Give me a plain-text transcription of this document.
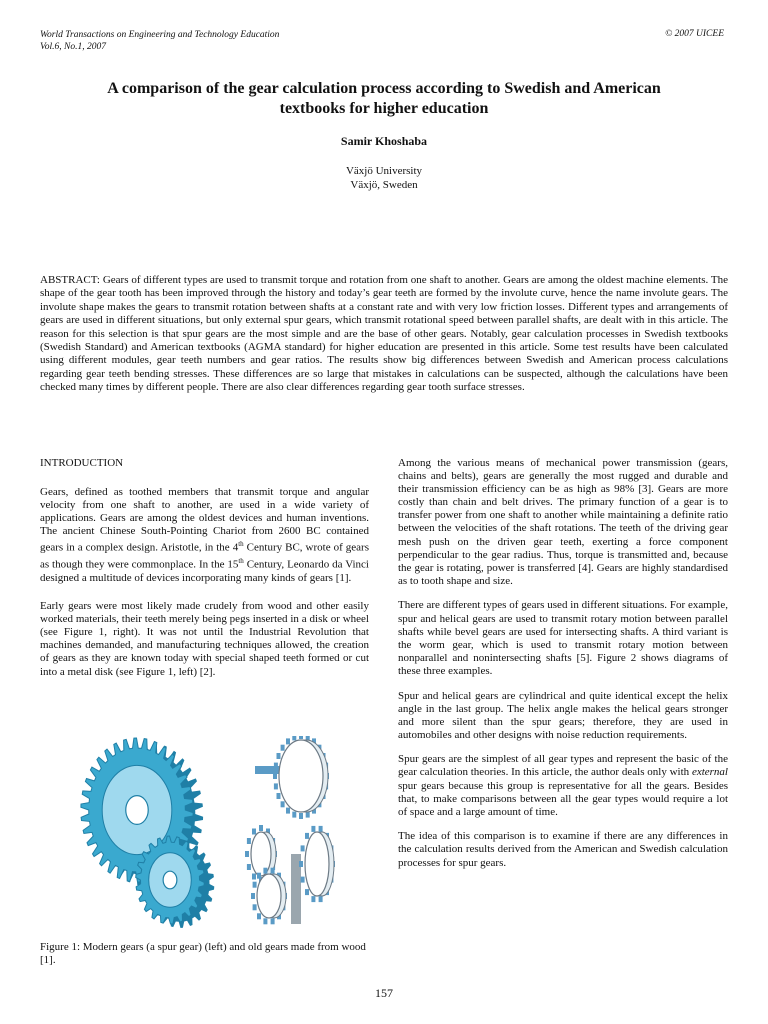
World Transactions on Engineering and Technology Education
Vol.6, No.1, 2007
© 2007 UICEE
A comparison of the gear calculation process according to Swedish and American
textbooks for higher education
Samir Khoshaba
Växjö University
Växjö, Sweden

ABSTRACT: Gears of different types are used to transmit torque and rotation from one shaft to another. Gears are among the oldest machine elements. The shape of the gear tooth has been improved through the history and today’s gear teeth are formed by the involute curve, hence the name involute gears. The involute shape makes the gears to transmit rotation between shafts at a constant rate and with very low friction losses. Different types and arrangements of gears are used in different situations, but only external spur gears, which transmit rotational speed between parallel shafts, are dealt with in this article. The reason for this selection is that spur gears are the most simple and are the base of other gears. Notably, gear calculation processes in Swedish textbooks (Swedish Standard) and American textbooks (AGMA standard) for higher education are presented in this article. Some test results have been calculated using different modules, gear teeth numbers and gear ratios. The results show big differences between Swedish and American process calculations regarding gear teeth bending stresses. These differences are so large that mistakes in calculations can be suspected, although the calculations have been checked many times by different people. There are also clear differences regarding gear tooth surface stresses.

INTRODUCTION

Gears, defined as toothed members that transmit torque and angular velocity from one shaft to another, are used in a wide variety of applications. Gears are among the oldest devices and human inventions. The ancient Chinese South-Pointing Chariot from 2600 BC contained gears in a complex design. Aristotle, in the 4th Century BC, wrote of gears as though they were commonplace. In the 15th Century, Leonardo da Vinci designed a multitude of devices incorporating many kinds of gears [1].

Early gears were most likely made crudely from wood and other easily worked materials, their teeth merely being pegs inserted in a disk or wheel (see Figure 1, right). It was not until the Industrial Revolution that machines demanded, and manufacturing techniques allowed, the creation of gears as they are known today with special shaped teeth formed or cut into a metal disk (see Figure 1, left) [2].

Figure 1: Modern gears (a spur gear) (left) and old gears made from wood [1].

Among the various means of mechanical power transmission (gears, chains and belts), gears are generally the most rugged and durable and their transmission efficiency can be as high as 98% [3]. Gears are more costly than chain and belt drives. The primary function of a gear is to transfer power from one shaft to another while maintaining a definite ratio between the velocities of the shaft rotations. The teeth of the driving gear mesh push on the driven gear teeth, exerting a force component perpendicular to the gear radius. Thus, torque is transmitted and, because the gear is rotating, power is transferred [4]. Gears are highly standardised as to tooth shape and size.

There are different types of gears used in different situations. For example, spur and helical gears are used to transmit rotary motion between parallel shafts while bevel gears are used for intersecting shafts. A third variant is the worm gear, which is used to transmit rotary motion between nonparallel and nonintersecting shafts [5]. Figure 2 shows diagrams of these three examples.

Spur and helical gears are cylindrical and quite identical except the helix angle in the last group. The helix angle makes the helical gears stronger and more silent than the spur gears; therefore, they are used in automobiles and other designs with noise reduction requirements.

Spur gears are the simplest of all gear types and represent the basic of the gear calculation theories. In this article, the author deals only with external spur gears because this group is representative for all the gears. Besides that, to make comparisons between all the gear types would require a lot of space and a large amount of time.

The idea of this comparison is to examine if there are any differences in the calculation results derived from the American and Swedish calculation processes for spur gears.

157
